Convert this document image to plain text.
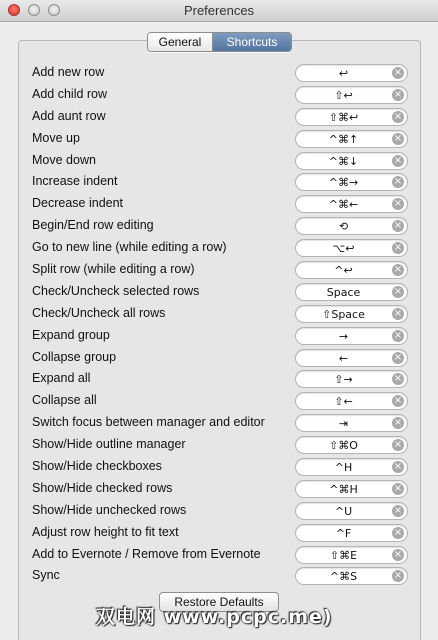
Preferences
General	Shortcuts
Add new row	↩	×
Add child row	⇧↩	×
Add aunt row	⇧⌘↩	×
Move up	^⌘↑	×
Move down	^⌘↓	×
Increase indent	^⌘→	×
Decrease indent	^⌘←	×
Begin/End row editing	⟲	×
Go to new line (while editing a row)	⌥↩	×
Split row (while editing a row)	^↩	×
Check/Uncheck selected rows	Space	×
Check/Uncheck all rows	⇧Space	×
Expand group	→	×
Collapse group	←	×
Expand all	⇧→	×
Collapse all	⇧←	×
Switch focus between manager and editor	⇥	×
Show/Hide outline manager	⇧⌘O	×
Show/Hide checkboxes	^H	×
Show/Hide checked rows	^⌘H	×
Show/Hide unchecked rows	^U	×
Adjust row height to fit text	^F	×
Add to Evernote / Remove from Evernote	⇧⌘E	×
Sync	^⌘S	×
Restore Defaults
双电网 www.pcpc.me)
